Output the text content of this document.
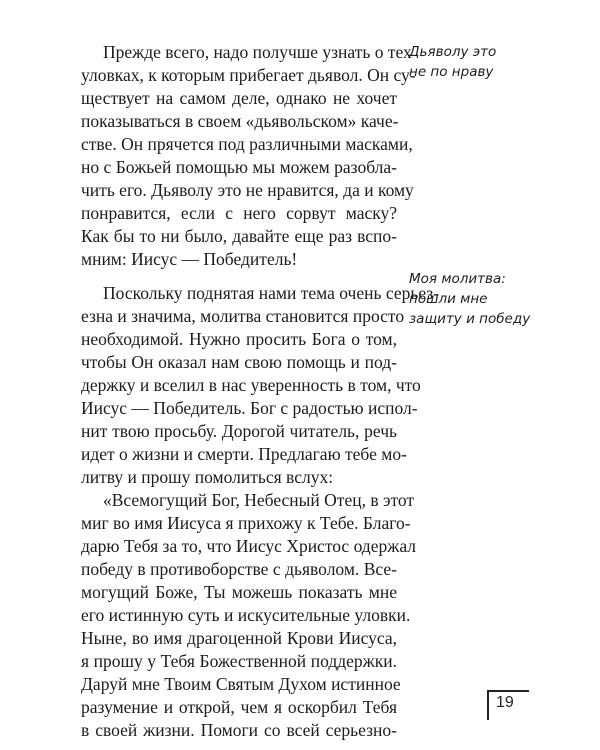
Прежде всего, надо получше узнать о тех
уловках, к которым прибегает дьявол. Он су-
ществует на самом деле, однако не хочет
показываться в своем «дьявольском» каче-
стве. Он прячется под различными масками,
но с Божьей помощью мы можем разобла-
чить его. Дьяволу это не нравится, да и кому
понравится, если с него сорвут маску?
Как бы то ни было, давайте еще раз вспо-
мним: Иисус — Победитель!
Поскольку поднятая нами тема очень серьез-
езна и значима, молитва становится просто
необходимой. Нужно просить Бога о том,
чтобы Он оказал нам свою помощь и под-
держку и вселил в нас уверенность в том, что
Иисус — Победитель. Бог с радостью испол-
нит твою просьбу. Дорогой читатель, речь
идет о жизни и смерти. Предлагаю тебе мо-
литву и прошу помолиться вслух:
«Всемогущий Бог, Небесный Отец, в этот
миг во имя Иисуса я прихожу к Тебе. Благо-
дарю Тебя за то, что Иисус Христос одержал
победу в противоборстве с дьяволом. Все-
могущий Боже, Ты можешь показать мне
его истинную суть и искусительные уловки.
Ныне, во имя драгоценной Крови Иисуса,
я прошу у Тебя Божественной поддержки.
Даруй мне Твоим Святым Духом истинное
разумение и открой, чем я оскорбил Тебя
в своей жизни. Помоги со всей серьезно-
Дьяволу это
не по нраву
Моя молитва:
пошли мне
защиту и победу
19
